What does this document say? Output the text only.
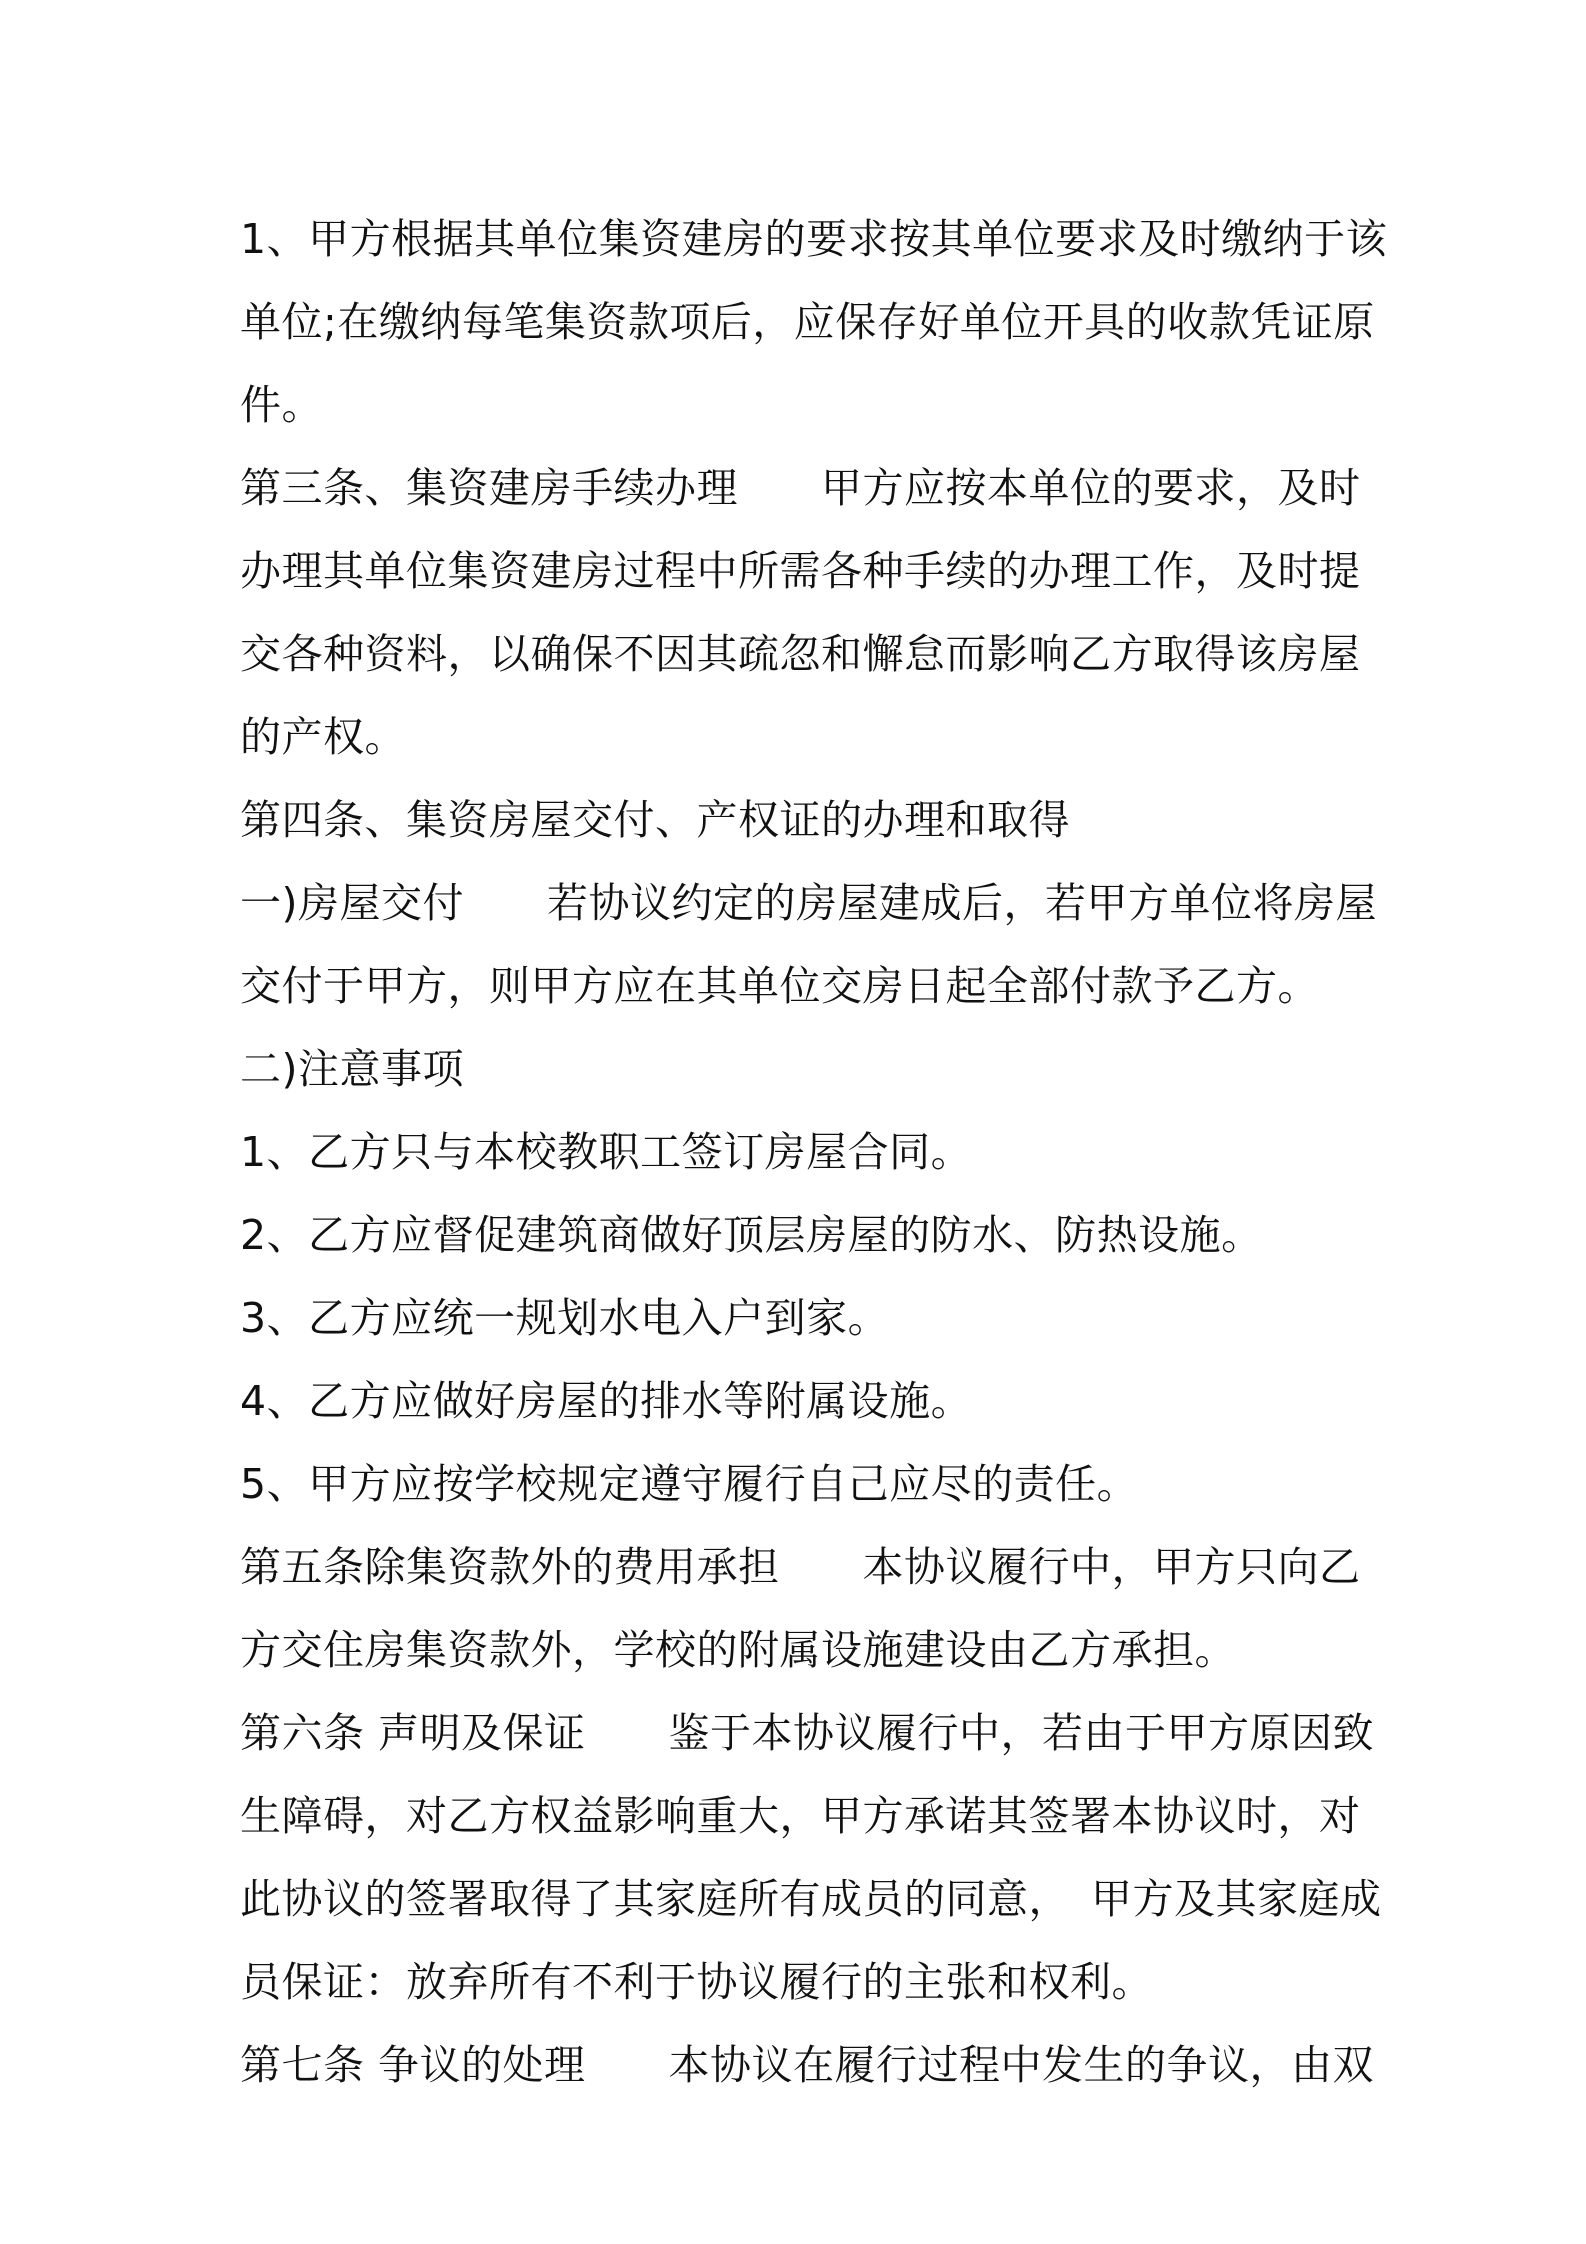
1、甲方根据其单位集资建房的要求按其单位要求及时缴纳于该单位;在缴纳每笔集资款项后，应保存好单位开具的收款凭证原件。

第三条、集资建房手续办理　　甲方应按本单位的要求，及时办理其单位集资建房过程中所需各种手续的办理工作，及时提交各种资料，以确保不因其疏忽和懈怠而影响乙方取得该房屋的产权。

第四条、集资房屋交付、产权证的办理和取得

一)房屋交付　　若协议约定的房屋建成后，若甲方单位将房屋交付于甲方，则甲方应在其单位交房日起全部付款予乙方。

二)注意事项

1、乙方只与本校教职工签订房屋合同。

2、乙方应督促建筑商做好顶层房屋的防水、防热设施。

3、乙方应统一规划水电入户到家。

4、乙方应做好房屋的排水等附属设施。

5、甲方应按学校规定遵守履行自己应尽的责任。

第五条除集资款外的费用承担　　本协议履行中，甲方只向乙方交住房集资款外，学校的附属设施建设由乙方承担。

第六条 声明及保证　　鉴于本协议履行中，若由于甲方原因致生障碍，对乙方权益影响重大，甲方承诺其签署本协议时，对此协议的签署取得了其家庭所有成员的同意，　甲方及其家庭成员保证：放弃所有不利于协议履行的主张和权利。

第七条 争议的处理　　本协议在履行过程中发生的争议，由双
